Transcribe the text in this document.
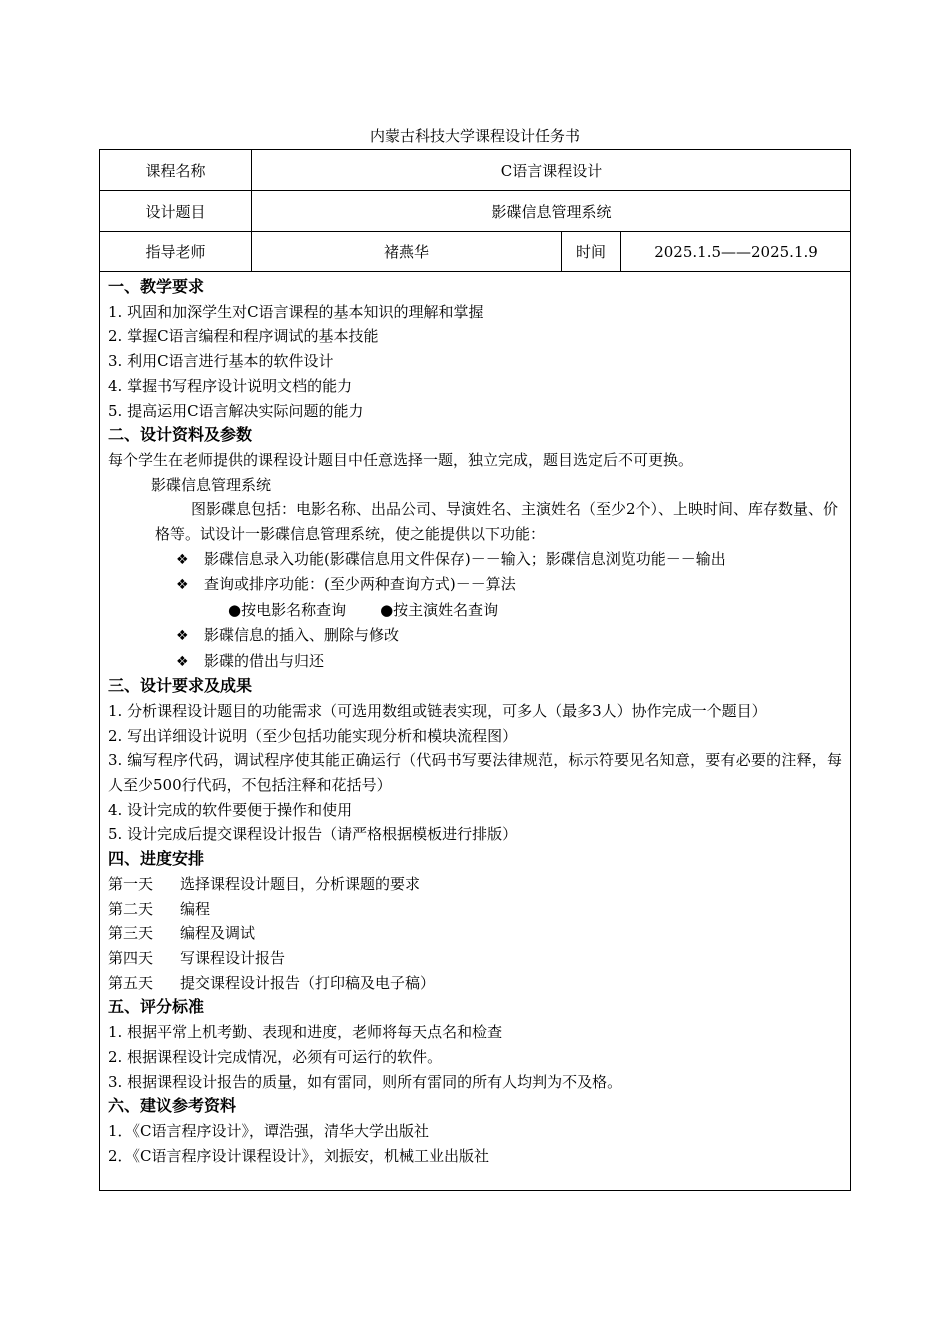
内蒙古科技大学课程设计任务书
课程名称	C语言课程设计
设计题目	影碟信息管理系统
指导老师	褚燕华	时间	2025.1.5——2025.1.9
一、教学要求
1. 巩固和加深学生对C语言课程的基本知识的理解和掌握
2. 掌握C语言编程和程序调试的基本技能
3. 利用C语言进行基本的软件设计
4. 掌握书写程序设计说明文档的能力
5. 提高运用C语言解决实际问题的能力
二、设计资料及参数
每个学生在老师提供的课程设计题目中任意选择一题，独立完成，题目选定后不可更换。
影碟信息管理系统
图影碟息包括：电影名称、出品公司、导演姓名、主演姓名（至少2个）、上映时间、库存数量、价格等。试设计一影碟信息管理系统，使之能提供以下功能：
❖ 影碟信息录入功能(影碟信息用文件保存)－－输入；影碟信息浏览功能－－输出
❖ 查询或排序功能：(至少两种查询方式)－－算法
●按电影名称查询 ●按主演姓名查询
❖ 影碟信息的插入、删除与修改
❖ 影碟的借出与归还
三、设计要求及成果
1. 分析课程设计题目的功能需求（可选用数组或链表实现，可多人（最多3人）协作完成一个题目）
2. 写出详细设计说明（至少包括功能实现分析和模块流程图）
3. 编写程序代码，调试程序使其能正确运行（代码书写要法律规范，标示符要见名知意，要有必要的注释，每人至少500行代码，不包括注释和花括号）
4. 设计完成的软件要便于操作和使用
5. 设计完成后提交课程设计报告（请严格根据模板进行排版）
四、进度安排
第一天 选择课程设计题目，分析课题的要求
第二天 编程
第三天 编程及调试
第四天 写课程设计报告
第五天 提交课程设计报告（打印稿及电子稿）
五、评分标准
1. 根据平常上机考勤、表现和进度，老师将每天点名和检查
2. 根据课程设计完成情况，必须有可运行的软件。
3. 根据课程设计报告的质量，如有雷同，则所有雷同的所有人均判为不及格。
六、建议参考资料
1．《C语言程序设计》，谭浩强，清华大学出版社
2．《C语言程序设计课程设计》，刘振安，机械工业出版社
